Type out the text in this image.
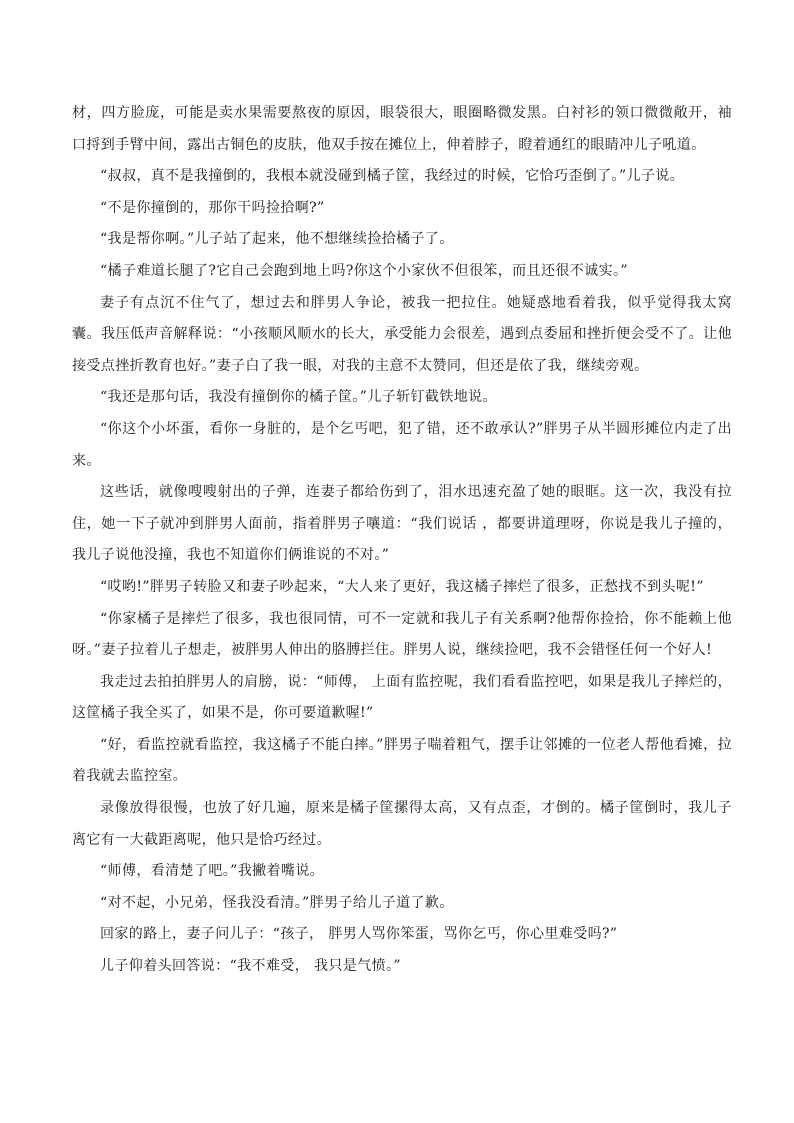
材，四方脸庞，可能是卖水果需要熬夜的原因，眼袋很大，眼圈略微发黑。白衬衫的领口微微敞开，袖口捋到手臂中间，露出古铜色的皮肤，他双手按在摊位上，伸着脖子，瞪着通红的眼睛冲儿子吼道。

“叔叔，真不是我撞倒的，我根本就没碰到橘子筐，我经过的时候，它恰巧歪倒了。”儿子说。

“不是你撞倒的，那你干吗捡拾啊?”

“我是帮你啊。”儿子站了起来，他不想继续捡拾橘子了。

“橘子难道长腿了?它自己会跑到地上吗?你这个小家伙不但很笨，而且还很不诚实。”

妻子有点沉不住气了，想过去和胖男人争论，被我一把拉住。她疑惑地看着我，似乎觉得我太窝囊。我压低声音解释说：“小孩顺风顺水的长大，承受能力会很差，遇到点委屈和挫折便会受不了。让他接受点挫折教育也好。”妻子白了我一眼，对我的主意不太赞同，但还是依了我，继续旁观。

“我还是那句话，我没有撞倒你的橘子筐。”儿子斩钉截铁地说。

“你这个小坏蛋，看你一身脏的，是个乞丐吧，犯了错，还不敢承认?”胖男子从半圆形摊位内走了出来。

这些话，就像嗖嗖射出的子弹，连妻子都给伤到了，泪水迅速充盈了她的眼眶。这一次，我没有拉住，她一下子就冲到胖男人面前，指着胖男子嚷道：“我们说话 ，都要讲道理呀，你说是我儿子撞的，我儿子说他没撞，我也不知道你们俩谁说的不对。”

“哎哟!”胖男子转脸又和妻子吵起来，“大人来了更好，我这橘子摔烂了很多，正愁找不到头呢!”

“你家橘子是摔烂了很多，我也很同情，可不一定就和我儿子有关系啊?他帮你捡拾，你不能赖上他呀。”妻子拉着儿子想走，被胖男人伸出的胳膊拦住。胖男人说，继续捡吧，我不会错怪任何一个好人!

我走过去拍拍胖男人的肩膀，说：“师傅， 上面有监控呢，我们看看监控吧，如果是我儿子摔烂的，这筐橘子我全买了，如果不是，你可要道歉喔!”

“好，看监控就看监控，我这橘子不能白摔。”胖男子喘着粗气，摆手让邻摊的一位老人帮他看摊，拉着我就去监控室。

录像放得很慢，也放了好几遍，原来是橘子筐摞得太高，又有点歪，才倒的。橘子筐倒时，我儿子离它有一大截距离呢，他只是恰巧经过。

“师傅，看清楚了吧。”我撇着嘴说。

“对不起，小兄弟，怪我没看清。”胖男子给儿子道了歉。

回家的路上，妻子问儿子：“孩子， 胖男人骂你笨蛋，骂你乞丐，你心里难受吗?”

儿子仰着头回答说：“我不难受， 我只是气愤。”
